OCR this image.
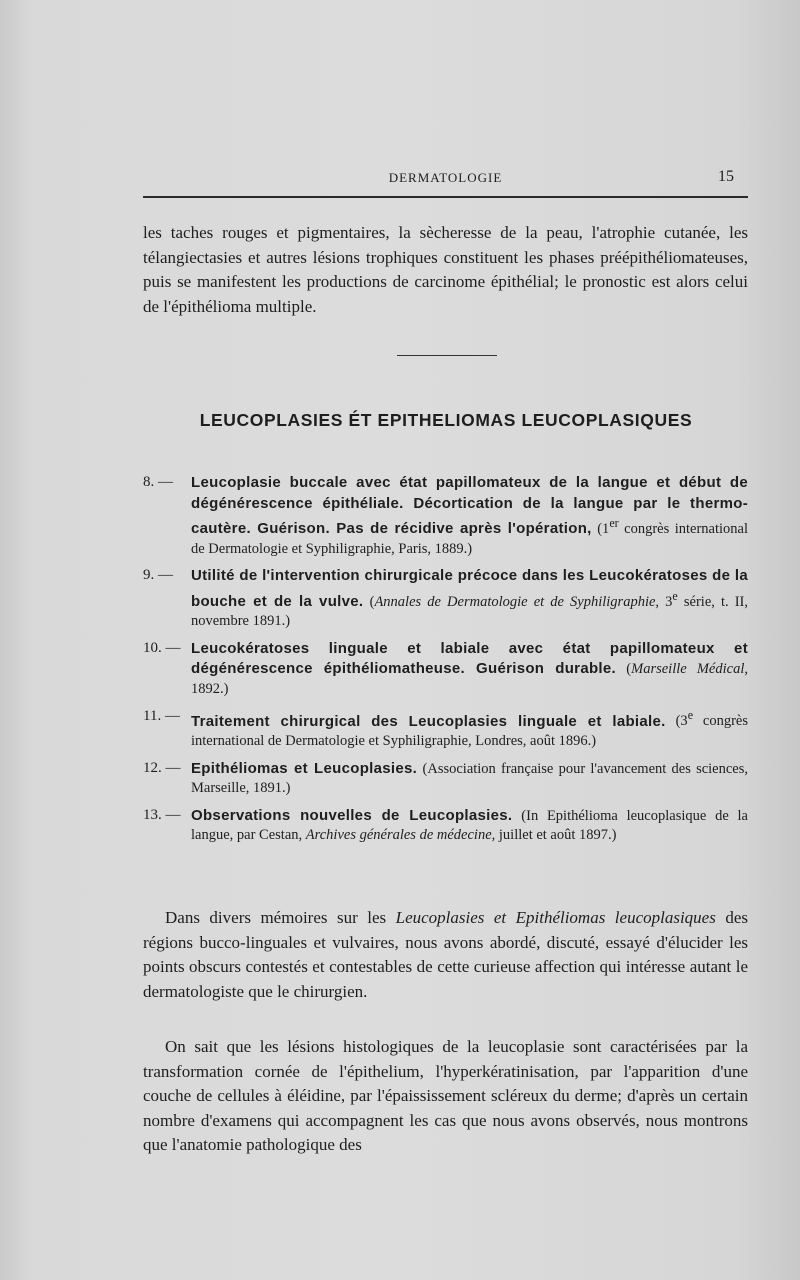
DERMATOLOGIE	15

les taches rouges et pigmentaires, la sècheresse de la peau, l'atrophie cutanée, les télangiectasies et autres lésions trophiques constituent les phases préépithéliomateuses, puis se manifestent les productions de carcinome épithélial; le pronostic est alors celui de l'épithélioma multiple.

LEUCOPLASIES ÉT EPITHELIOMAS LEUCOPLASIQUES
8. — Leucoplasie buccale avec état papillomateux de la langue et début de dégénérescence épithéliale. Décortication de la langue par le thermo-cautère. Guérison. Pas de récidive après l'opération, (1er congrès international de Dermatologie et Syphiligraphie, Paris, 1889.)
9. — Utilité de l'intervention chirurgicale précoce dans les Leucokératoses de la bouche et de la vulve. (Annales de Dermatologie et de Syphiligraphie, 3e série, t. II, novembre 1891.)
10. — Leucokératoses linguale et labiale avec état papillomateux et dégénérescence épithéliomatheuse. Guérison durable. (Marseille Médical, 1892.)
11. — Traitement chirurgical des Leucoplasies linguale et labiale. (3e congrès international de Dermatologie et Syphiligraphie, Londres, août 1896.)
12. — Epithéliomas et Leucoplasies. (Association française pour l'avancement des sciences, Marseille, 1891.)
13. — Observations nouvelles de Leucoplasies. (In Epithélioma leucoplasique de la langue, par Cestan, Archives générales de médecine, juillet et août 1897.)

Dans divers mémoires sur les Leucoplasies et Epithéliomas leucoplasiques des régions bucco-linguales et vulvaires, nous avons abordé, discuté, essayé d'élucider les points obscurs contestés et contestables de cette curieuse affection qui intéresse autant le dermatologiste que le chirurgien.

On sait que les lésions histologiques de la leucoplasie sont caractérisées par la transformation cornée de l'épithelium, l'hyperkératinisation, par l'apparition d'une couche de cellules à éléidine, par l'épaississement scléreux du derme; d'après un certain nombre d'examens qui accompagnent les cas que nous avons observés, nous montrons que l'anatomie pathologique des
